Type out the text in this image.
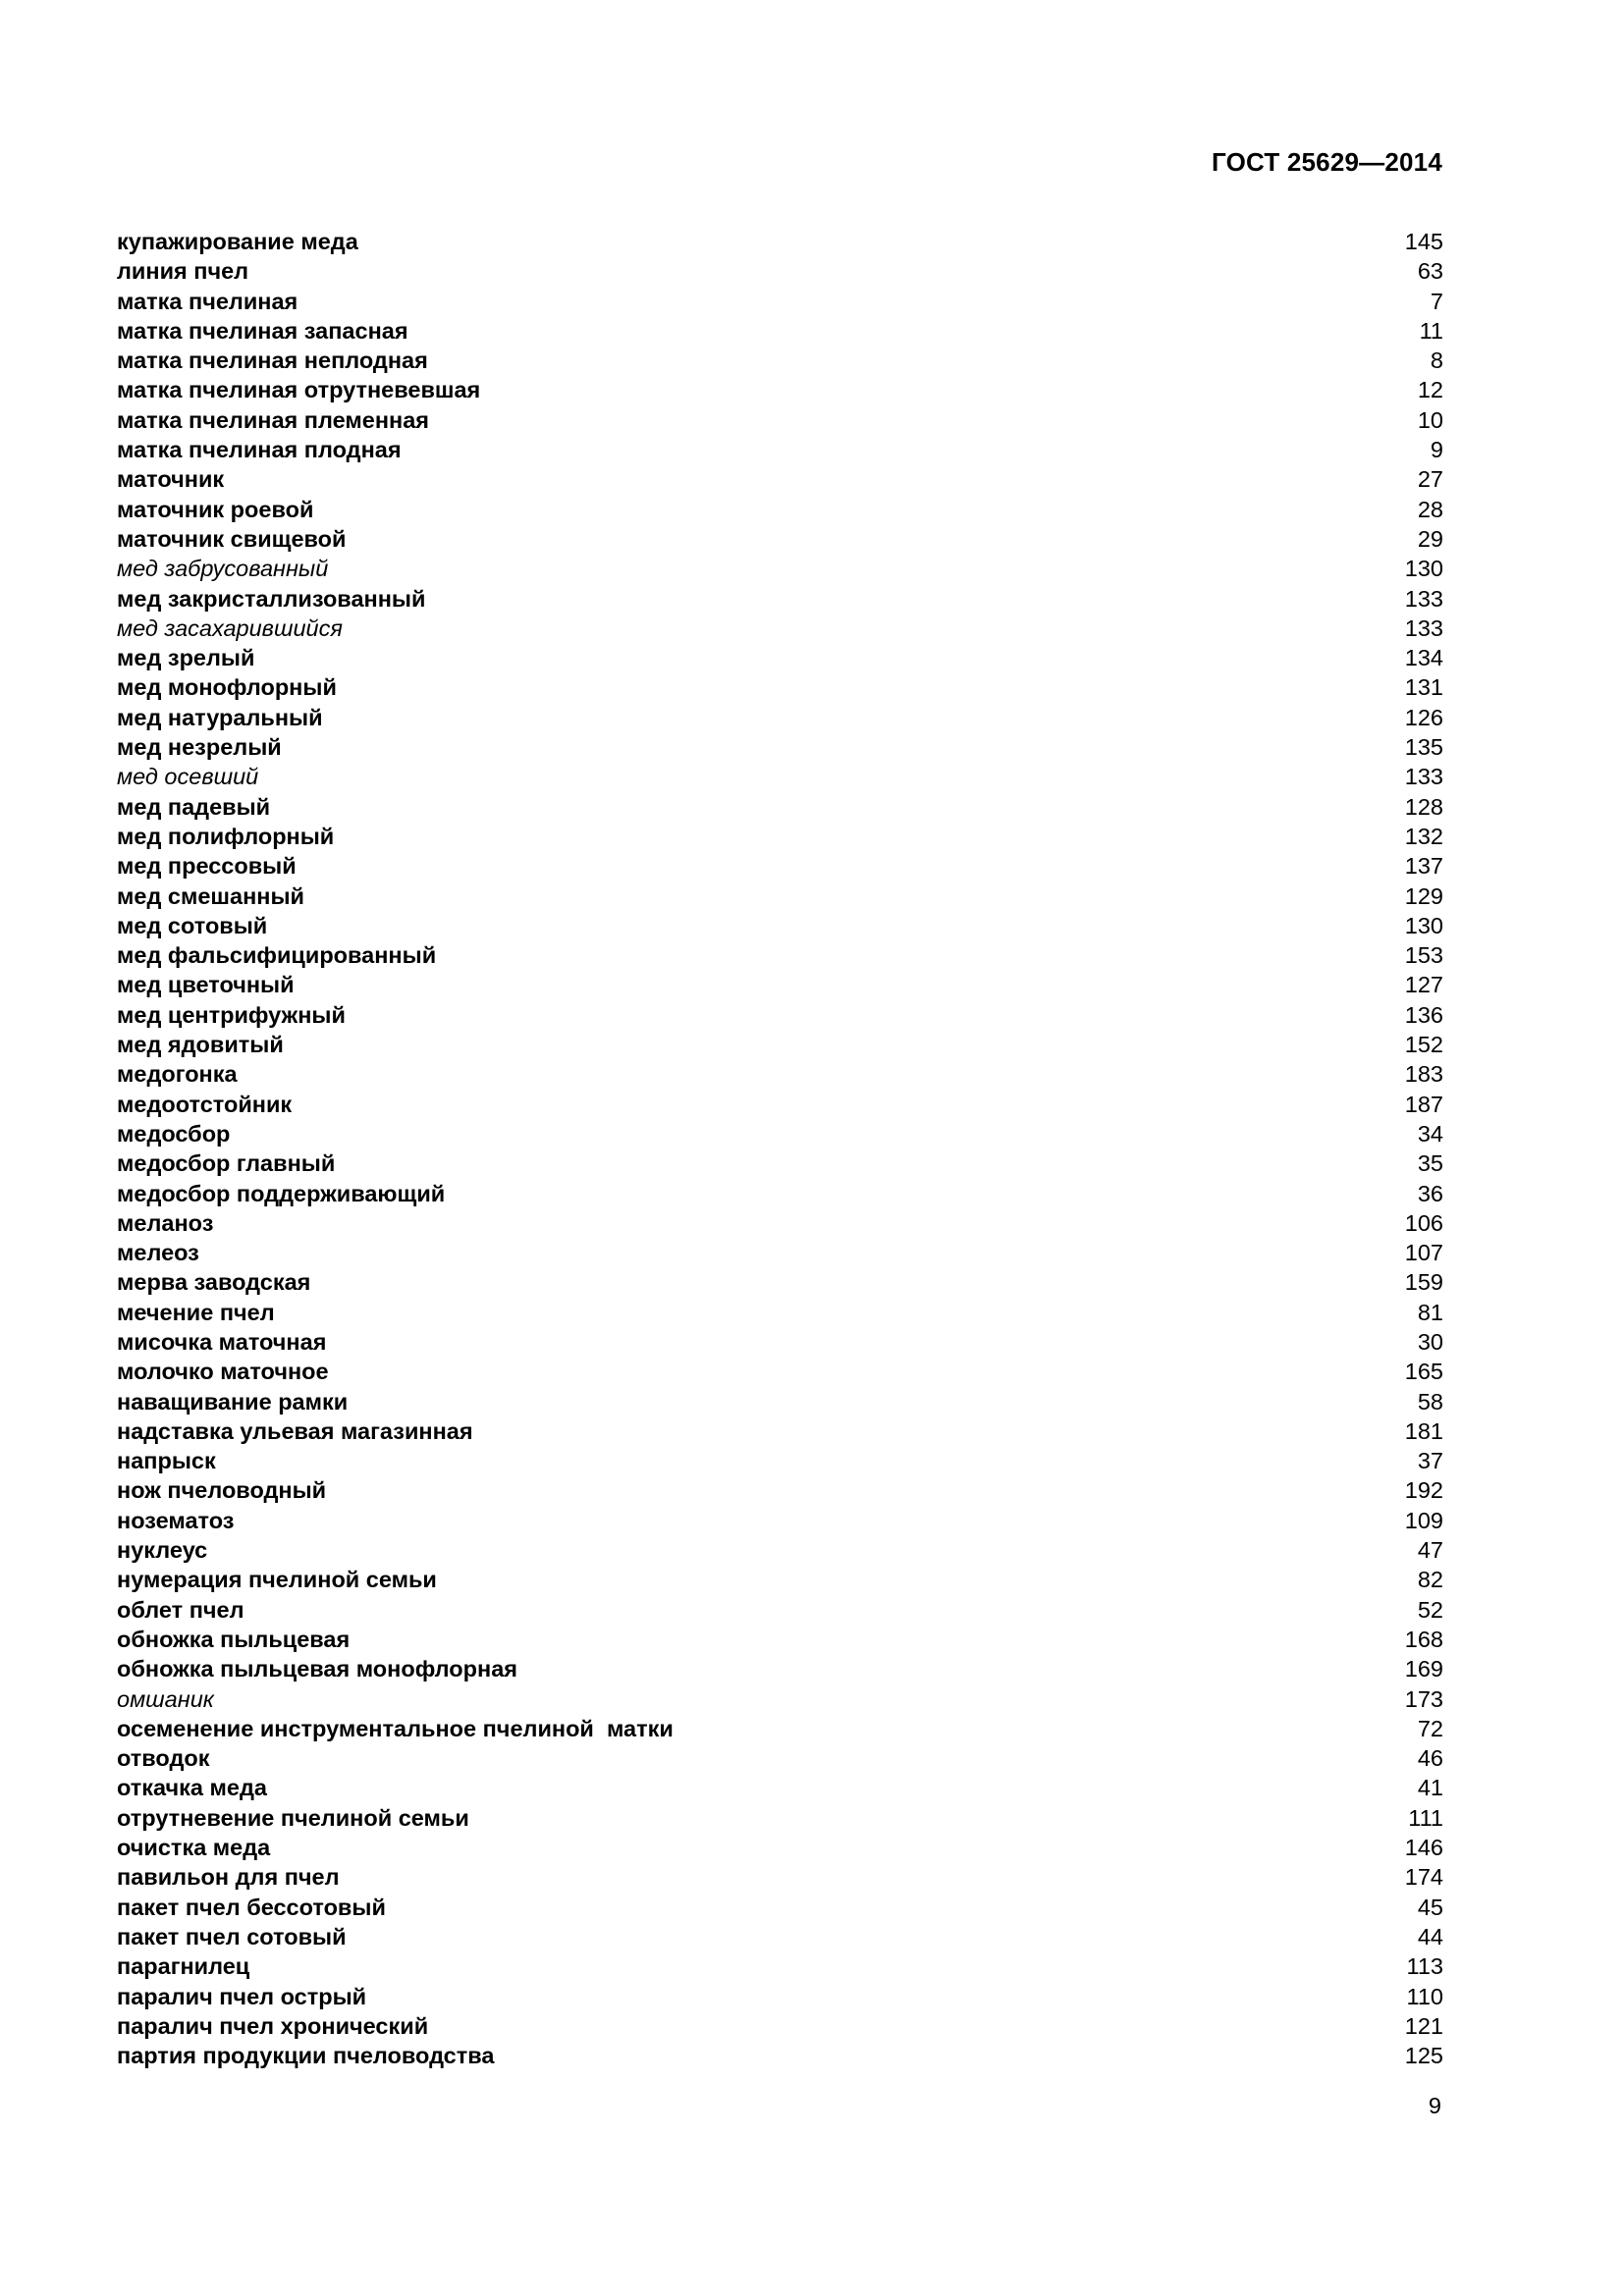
ГОСТ 25629—2014
купажирование меда	145
линия пчел	63
матка пчелиная	7
матка пчелиная запасная	11
матка пчелиная неплодная	8
матка пчелиная отрутневевшая	12
матка пчелиная племенная	10
матка пчелиная плодная	9
маточник	27
маточник роевой	28
маточник свищевой	29
мед забрусованный	130
мед закристаллизованный	133
мед засахарившийся	133
мед зрелый	134
мед монофлорный	131
мед натуральный	126
мед незрелый	135
мед осевший	133
мед падевый	128
мед полифлорный	132
мед прессовый	137
мед смешанный	129
мед сотовый	130
мед фальсифицированный	153
мед цветочный	127
мед центрифужный	136
мед ядовитый	152
медогонка	183
медоотстойник	187
медосбор	34
медосбор главный	35
медосбор поддерживающий	36
меланоз	106
мелеоз	107
мерва заводская	159
мечение пчел	81
мисочка маточная	30
молочко маточное	165
наващивание рамки	58
надставка ульевая магазинная	181
напрыск	37
нож пчеловодный	192
нозематоз	109
нуклеус	47
нумерация пчелиной семьи	82
облет пчел	52
обножка пыльцевая	168
обножка пыльцевая монофлорная	169
омшаник	173
осеменение инструментальное пчелиной  матки	72
отводок	46
откачка меда	41
отрутневение пчелиной семьи	111
очистка меда	146
павильон для пчел	174
пакет пчел бессотовый	45
пакет пчел сотовый	44
парагнилец	113
паралич пчел острый	110
паралич пчел хронический	121
партия продукции пчеловодства	125
9
